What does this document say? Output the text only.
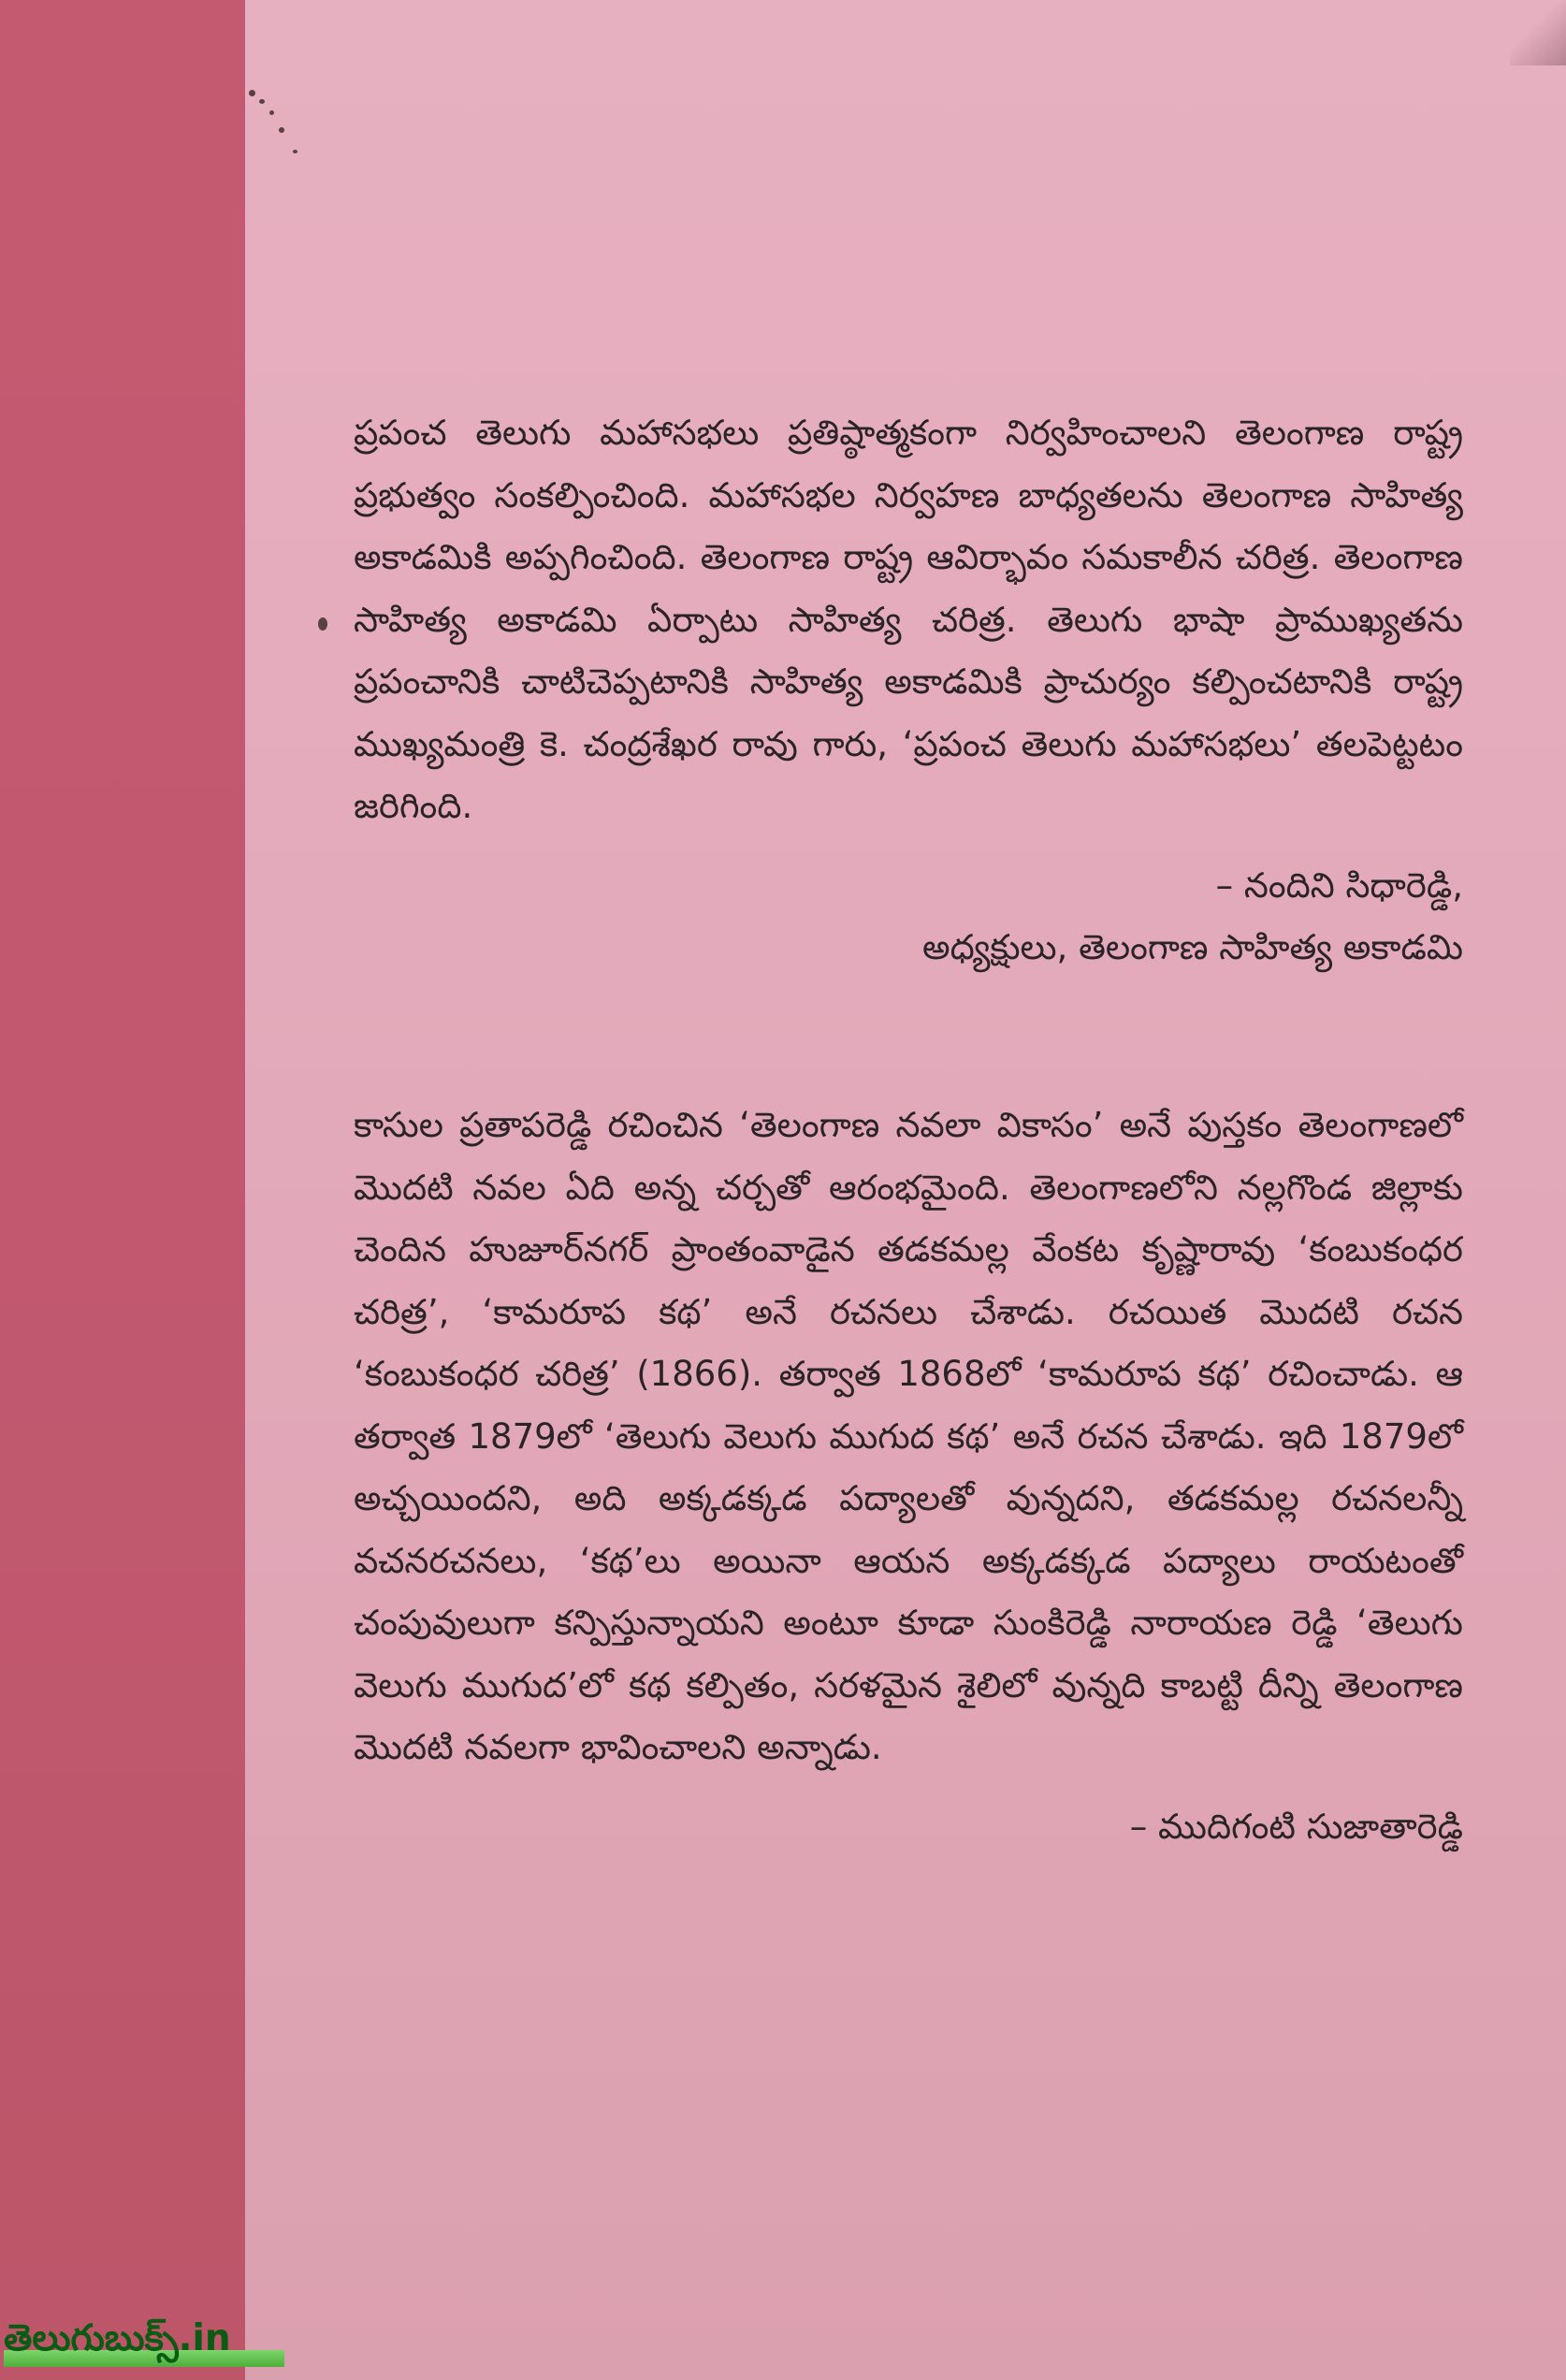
ప్రపంచ తెలుగు మహాసభలు ప్రతిష్ఠాత్మకంగా నిర్వహించాలని తెలంగాణ రాష్ట్ర ప్రభుత్వం సంకల్పించింది. మహాసభల నిర్వహణ బాధ్యతలను తెలంగాణ సాహిత్య అకాడమికి అప్పగించింది. తెలంగాణ రాష్ట్ర ఆవిర్భావం సమకాలీన చరిత్ర. తెలంగాణ సాహిత్య అకాడమి ఏర్పాటు సాహిత్య చరిత్ర. తెలుగు భాషా ప్రాముఖ్యతను ప్రపంచానికి చాటిచెప్పటానికి సాహిత్య అకాడమికి ప్రాచుర్యం కల్పించటానికి రాష్ట్ర ముఖ్యమంత్రి కె. చంద్రశేఖర రావు గారు, ‘ప్రపంచ తెలుగు మహాసభలు’ తలపెట్టటం జరిగింది.

– నందిని సిధారెడ్డి,
అధ్యక్షులు, తెలంగాణ సాహిత్య అకాడమి

కాసుల ప్రతాపరెడ్డి రచించిన ‘తెలంగాణ నవలా వికాసం’ అనే పుస్తకం తెలంగాణలో మొదటి నవల ఏది అన్న చర్చతో ఆరంభమైంది. తెలంగాణలోని నల్లగొండ జిల్లాకు చెందిన హుజూర్‌నగర్ ప్రాంతంవాడైన తడకమల్ల వేంకట కృష్ణారావు ‘కంబుకంధర చరిత్ర’, ‘కామరూప కథ’ అనే రచనలు చేశాడు. రచయిత మొదటి రచన ‘కంబుకంధర చరిత్ర’ (1866). తర్వాత 1868లో ‘కామరూప కథ’ రచించాడు. ఆ తర్వాత 1879లో ‘తెలుగు వెలుగు ముగుద కథ’ అనే రచన చేశాడు. ఇది 1879లో అచ్చయిందని, అది అక్కడక్కడ పద్యాలతో వున్నదని, తడకమల్ల రచనలన్నీ వచనరచనలు, ‘కథ’లు అయినా ఆయన అక్కడక్కడ పద్యాలు రాయటంతో చంపువులుగా కన్పిస్తున్నాయని అంటూ కూడా సుంకిరెడ్డి నారాయణ రెడ్డి ‘తెలుగు వెలుగు ముగుద’లో కథ కల్పితం, సరళమైన శైలిలో వున్నది కాబట్టి దీన్ని తెలంగాణ మొదటి నవలగా భావించాలని అన్నాడు.

– ముదిగంటి సుజాతారెడ్డి
తెలుగుబుక్స్.in
